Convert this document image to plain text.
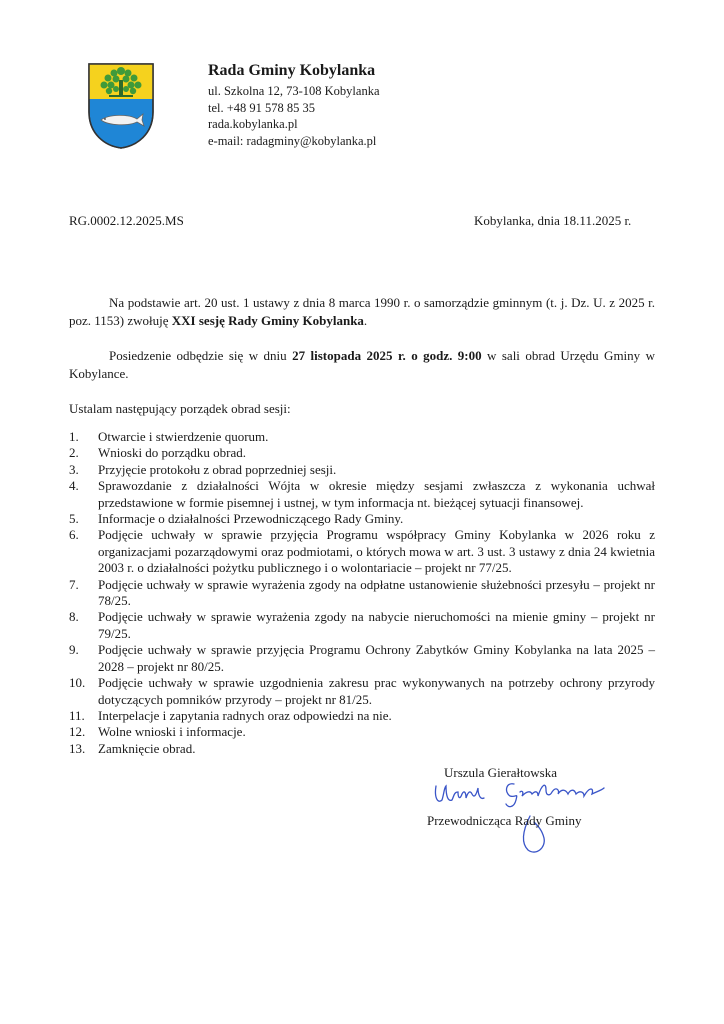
Rada Gminy Kobylanka
ul. Szkolna 12, 73-108 Kobylanka
tel. +48 91 578 85 35
rada.kobylanka.pl
e-mail: radagminy@kobylanka.pl
RG.0002.12.2025.MS	Kobylanka, dnia 18.11.2025 r.
Na podstawie art. 20 ust. 1 ustawy z dnia 8 marca 1990 r. o samorządzie gminnym (t. j. Dz. U. z 2025 r. poz. 1153) zwołuję XXI sesję Rady Gminy Kobylanka.
Posiedzenie odbędzie się w dniu 27 listopada 2025 r. o godz. 9:00 w sali obrad Urzędu Gminy w Kobylance.
Ustalam następujący porządek obrad sesji:
1.	Otwarcie i stwierdzenie quorum.
2.	Wnioski do porządku obrad.
3.	Przyjęcie protokołu z obrad poprzedniej sesji.
4.	Sprawozdanie z działalności Wójta w okresie między sesjami zwłaszcza z wykonania uchwał przedstawione w formie pisemnej i ustnej, w tym informacja nt. bieżącej sytuacji finansowej.
5.	Informacje o działalności Przewodniczącego Rady Gminy.
6.	Podjęcie uchwały w sprawie przyjęcia Programu współpracy Gminy Kobylanka w 2026 roku z organizacjami pozarządowymi oraz podmiotami, o których mowa w art. 3 ust. 3 ustawy z dnia 24 kwietnia 2003 r. o działalności pożytku publicznego i o wolontariacie – projekt nr 77/25.
7.	Podjęcie uchwały w sprawie wyrażenia zgody na odpłatne ustanowienie służebności przesyłu – projekt nr 78/25.
8.	Podjęcie uchwały w sprawie wyrażenia zgody na nabycie nieruchomości na mienie gminy – projekt nr 79/25.
9.	Podjęcie uchwały w sprawie przyjęcia Programu Ochrony Zabytków Gminy Kobylanka na lata 2025 – 2028 – projekt nr 80/25.
10. Podjęcie uchwały w sprawie uzgodnienia zakresu prac wykonywanych na potrzeby ochrony przyrody dotyczących pomników przyrody – projekt nr 81/25.
11.	Interpelacje i zapytania radnych oraz odpowiedzi na nie.
12. Wolne wnioski i informacje.
13. Zamknięcie obrad.
Urszula Gierałtowska
Przewodnicząca Rady Gminy
